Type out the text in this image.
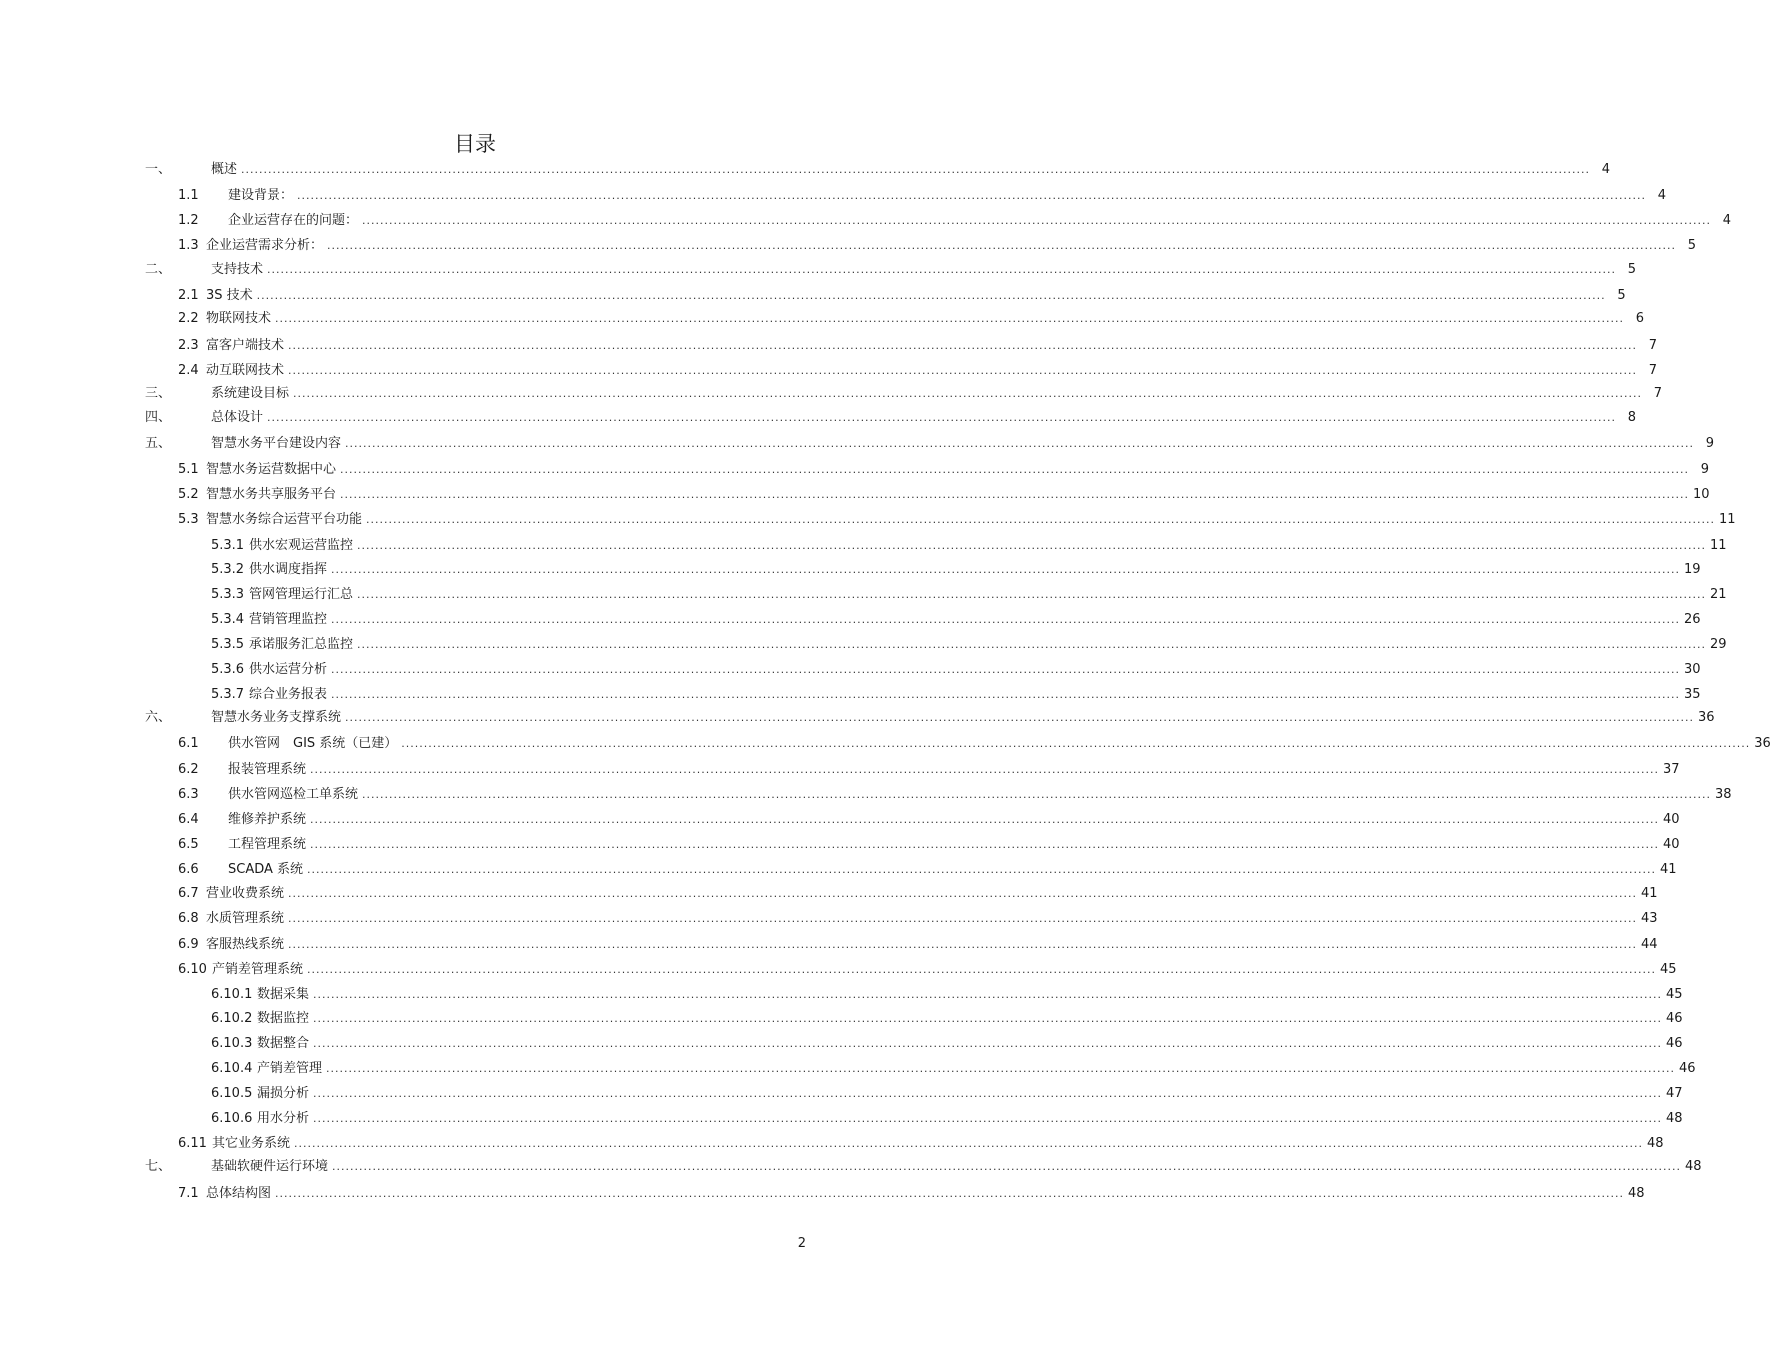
目录
一、	概述 ............................................................................................................................................................................................................................................................................................................ 4
1.1	建设背景： ............................................................................................................................................................................................................................................................................................................ 4
1.2	企业运营存在的问题： ............................................................................................................................................................................................................................................................................................................ 4
1.3 企业运营需求分析： ............................................................................................................................................................................................................................................................................................................ 5
二、	支持技术 ............................................................................................................................................................................................................................................................................................................ 5
2.1 3S 技术 ............................................................................................................................................................................................................................................................................................................ 5
2.2 物联网技术 ............................................................................................................................................................................................................................................................................................................ 6
2.3 富客户端技术 ............................................................................................................................................................................................................................................................................................................ 7
2.4 动互联网技术 ............................................................................................................................................................................................................................................................................................................ 7
三、	系统建设目标 ............................................................................................................................................................................................................................................................................................................ 7
四、	总体设计 ............................................................................................................................................................................................................................................................................................................ 8
五、	智慧水务平台建设内容 ............................................................................................................................................................................................................................................................................................................ 9
5.1 智慧水务运营数据中心 ............................................................................................................................................................................................................................................................................................................ 9
5.2 智慧水务共享服务平台 ............................................................................................................................................................................................................................................................................................................ 10
5.3 智慧水务综合运营平台功能 ............................................................................................................................................................................................................................................................................................................ 11
5.3.1 供水宏观运营监控 ............................................................................................................................................................................................................................................................................................................ 11
5.3.2 供水调度指挥 ............................................................................................................................................................................................................................................................................................................ 19
5.3.3 管网管理运行汇总 ............................................................................................................................................................................................................................................................................................................ 21
5.3.4 营销管理监控 ............................................................................................................................................................................................................................................................................................................ 26
5.3.5 承诺服务汇总监控 ............................................................................................................................................................................................................................................................................................................ 29
5.3.6 供水运营分析 ............................................................................................................................................................................................................................................................................................................ 30
5.3.7 综合业务报表 ............................................................................................................................................................................................................................................................................................................ 35
六、	智慧水务业务支撑系统 ............................................................................................................................................................................................................................................................................................................ 36
6.1	供水管网　GIS 系统（已建） ............................................................................................................................................................................................................................................................................................................ 36
6.2	报装管理系统 ............................................................................................................................................................................................................................................................................................................ 37
6.3	供水管网巡检工单系统 ............................................................................................................................................................................................................................................................................................................ 38
6.4	维修养护系统 ............................................................................................................................................................................................................................................................................................................ 40
6.5	工程管理系统 ............................................................................................................................................................................................................................................................................................................ 40
6.6	SCADA 系统 ............................................................................................................................................................................................................................................................................................................ 41
6.7 营业收费系统 ............................................................................................................................................................................................................................................................................................................ 41
6.8 水质管理系统 ............................................................................................................................................................................................................................................................................................................ 43
6.9 客服热线系统 ............................................................................................................................................................................................................................................................................................................ 44
6.10 产销差管理系统 ............................................................................................................................................................................................................................................................................................................ 45
6.10.1 数据采集 ............................................................................................................................................................................................................................................................................................................ 45
6.10.2 数据监控 ............................................................................................................................................................................................................................................................................................................ 46
6.10.3 数据整合 ............................................................................................................................................................................................................................................................................................................ 46
6.10.4 产销差管理 ............................................................................................................................................................................................................................................................................................................ 46
6.10.5 漏损分析 ............................................................................................................................................................................................................................................................................................................ 47
6.10.6 用水分析 ............................................................................................................................................................................................................................................................................................................ 48
6.11 其它业务系统 ............................................................................................................................................................................................................................................................................................................ 48
七、	基础软硬件运行环境 ............................................................................................................................................................................................................................................................................................................ 48
7.1 总体结构图 ............................................................................................................................................................................................................................................................................................................ 48
2
